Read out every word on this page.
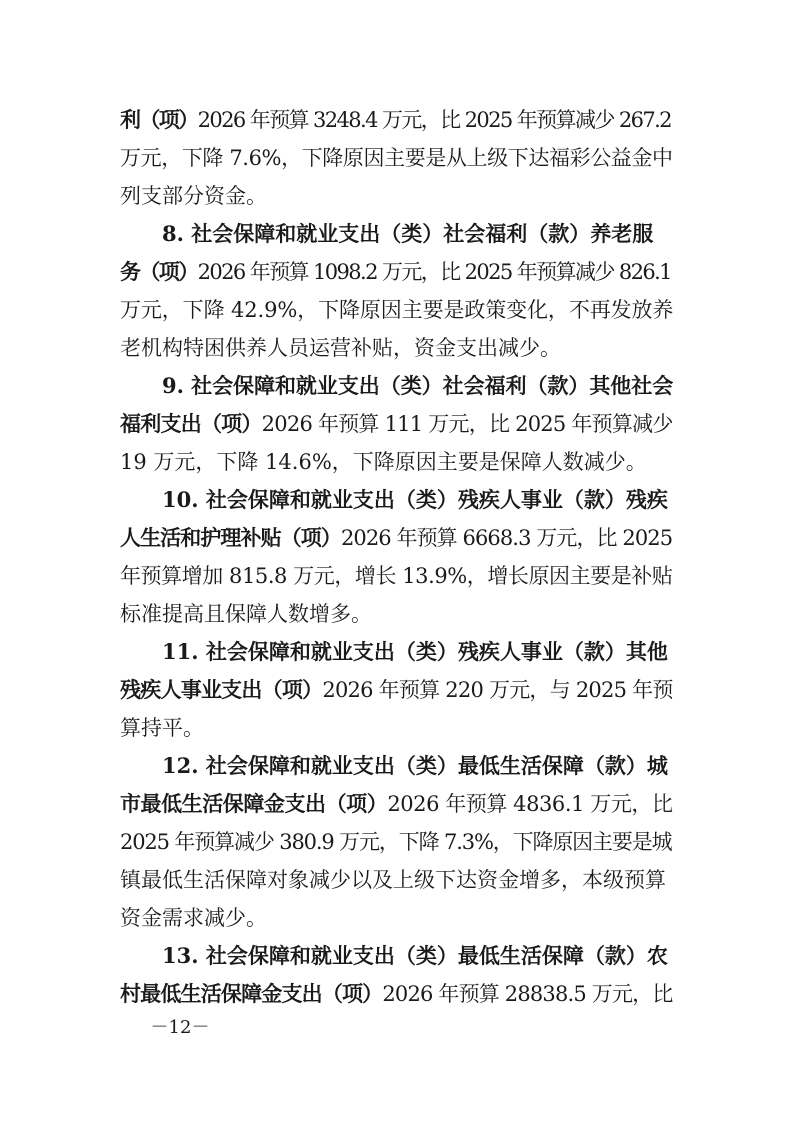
利（项）2026 年预算 3248.4 万元，比 2025 年预算减少 267.2
万元，下降 7.6%，下降原因主要是从上级下达福彩公益金中
列支部分资金。
8. 社会保障和就业支出（类）社会福利（款）养老服
务（项）2026 年预算 1098.2 万元，比 2025 年预算减少 826.1
万元，下降 42.9%，下降原因主要是政策变化，不再发放养
老机构特困供养人员运营补贴，资金支出减少。
9. 社会保障和就业支出（类）社会福利（款）其他社会
福利支出（项）2026 年预算 111 万元，比 2025 年预算减少
19 万元，下降 14.6%，下降原因主要是保障人数减少。
10. 社会保障和就业支出（类）残疾人事业（款）残疾
人生活和护理补贴（项）2026 年预算 6668.3 万元，比 2025
年预算增加 815.8 万元，增长 13.9%，增长原因主要是补贴
标准提高且保障人数增多。
11. 社会保障和就业支出（类）残疾人事业（款）其他
残疾人事业支出（项）2026 年预算 220 万元，与 2025 年预
算持平。
12. 社会保障和就业支出（类）最低生活保障（款）城
市最低生活保障金支出（项）2026 年预算 4836.1 万元，比
2025 年预算减少 380.9 万元，下降 7.3%，下降原因主要是城
镇最低生活保障对象减少以及上级下达资金增多，本级预算
资金需求减少。
13. 社会保障和就业支出（类）最低生活保障（款）农
村最低生活保障金支出（项）2026 年预算 28838.5 万元，比
－12－
